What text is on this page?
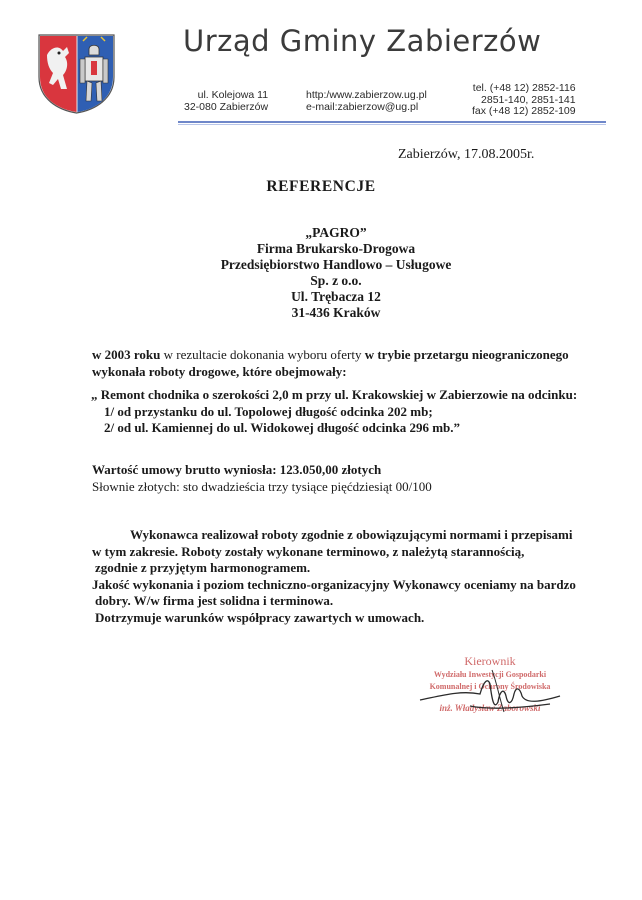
Urząd Gminy Zabierzów
ul. Kolejowa 11
32-080 Zabierzów
http:/www.zabierzow.ug.pl
e-mail:zabierzow@ug.pl
tel. (+48 12) 2852-116
2851-140, 2851-141
fax (+48 12) 2852-109
Zabierzów, 17.08.2005r.
REFERENCJE
„PAGRO”
Firma Brukarsko-Drogowa
Przedsiębiorstwo Handlowo – Usługowe
Sp. z o.o.
Ul. Trębacza 12
31-436 Kraków
w 2003 roku w rezultacie dokonania wyboru oferty w trybie przetargu nieograniczonego
wykonała roboty drogowe, które obejmowały:
„ Remont chodnika o szerokości 2,0 m przy ul. Krakowskiej w Zabierzowie na odcinku:
1/ od przystanku do ul. Topolowej długość odcinka 202 mb;
2/ od ul. Kamiennej do ul. Widokowej długość odcinka 296 mb.”
Wartość umowy brutto wyniosła: 123.050,00 złotych
Słownie złotych: sto dwadzieścia trzy tysiące pięćdziesiąt 00/100
Wykonawca realizował roboty zgodnie z obowiązującymi normami i przepisami
w tym zakresie. Roboty zostały wykonane terminowo, z należytą starannością,
zgodnie z przyjętym harmonogramem.
Jakość wykonania i poziom techniczno-organizacyjny Wykonawcy oceniamy na bardzo
dobry. W/w firma jest solidna i terminowa.
Dotrzymuje warunków współpracy zawartych w umowach.
Kierownik
Wydziału Inwestycji Gospodarki
Komunalnej i Ochrony Środowiska
inż. Władysław Zaborowski
